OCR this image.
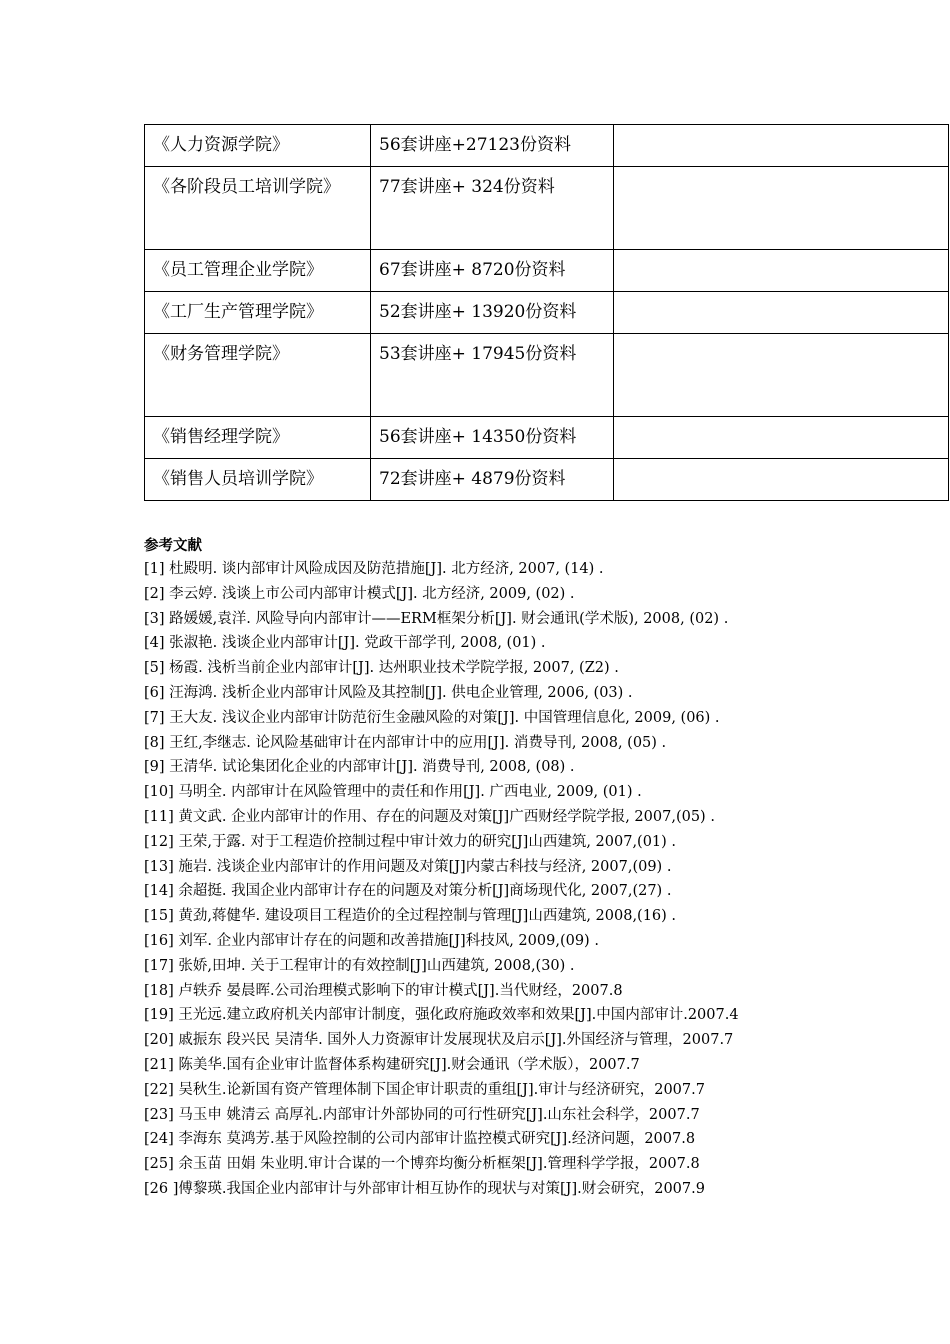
《人力资源学院》	56套讲座+27123份资料	

《各阶段员工培训学院》	77套讲座+ 324份资料	

《员工管理企业学院》	67套讲座+ 8720份资料	

《工厂生产管理学院》	52套讲座+ 13920份资料	

《财务管理学院》	53套讲座+ 17945份资料	

《销售经理学院》	56套讲座+ 14350份资料	

《销售人员培训学院》	72套讲座+ 4879份资料	

参考文献
[1] 杜殿明. 谈内部审计风险成因及防范措施[J]. 北方经济, 2007, (14) .
[2] 李云婷. 浅谈上市公司内部审计模式[J]. 北方经济, 2009, (02) .
[3] 路媛媛,袁洋. 风险导向内部审计——ERM框架分析[J]. 财会通讯(学术版), 2008, (02) .
[4] 张淑艳. 浅谈企业内部审计[J]. 党政干部学刊, 2008, (01) .
[5] 杨霞. 浅析当前企业内部审计[J]. 达州职业技术学院学报, 2007, (Z2) .
[6] 汪海鸿. 浅析企业内部审计风险及其控制[J]. 供电企业管理, 2006, (03) .
[7] 王大友. 浅议企业内部审计防范衍生金融风险的对策[J]. 中国管理信息化, 2009, (06) .
[8] 王红,李继志. 论风险基础审计在内部审计中的应用[J]. 消费导刊, 2008, (05) .
[9] 王清华. 试论集团化企业的内部审计[J]. 消费导刊, 2008, (08) .
[10] 马明全. 内部审计在风险管理中的责任和作用[J]. 广西电业, 2009, (01) .
[11] 黄文武. 企业内部审计的作用、存在的问题及对策[J]广西财经学院学报, 2007,(05) .
[12] 王荣,于露. 对于工程造价控制过程中审计效力的研究[J]山西建筑, 2007,(01) .
[13] 施岩. 浅谈企业内部审计的作用问题及对策[J]内蒙古科技与经济, 2007,(09) .
[14] 余超挺. 我国企业内部审计存在的问题及对策分析[J]商场现代化, 2007,(27) .
[15] 黄劲,蒋健华. 建设项目工程造价的全过程控制与管理[J]山西建筑, 2008,(16) .
[16] 刘军. 企业内部审计存在的问题和改善措施[J]科技风, 2009,(09) .
[17] 张娇,田坤. 关于工程审计的有效控制[J]山西建筑, 2008,(30) .
[18] 卢轶乔 晏晨晖.公司治理模式影响下的审计模式[J].当代财经，2007.8
[19] 王光远.建立政府机关内部审计制度，强化政府施政效率和效果[J].中国内部审计.2007.4
[20] 戚振东 段兴民 吴清华. 国外人力资源审计发展现状及启示[J].外国经济与管理，2007.7
[21] 陈美华.国有企业审计监督体系构建研究[J].财会通讯（学术版），2007.7
[22] 吴秋生.论新国有资产管理体制下国企审计职责的重组[J].审计与经济研究，2007.7
[23] 马玉申 姚清云 高厚礼.内部审计外部协同的可行性研究[J].山东社会科学，2007.7
[24] 李海东 莫鸿芳.基于风险控制的公司内部审计监控模式研究[J].经济问题，2007.8
[25] 余玉苗 田娟 朱业明.审计合谋的一个博弈均衡分析框架[J].管理科学学报，2007.8
[26 ]傅黎瑛.我国企业内部审计与外部审计相互协作的现状与对策[J].财会研究，2007.9
